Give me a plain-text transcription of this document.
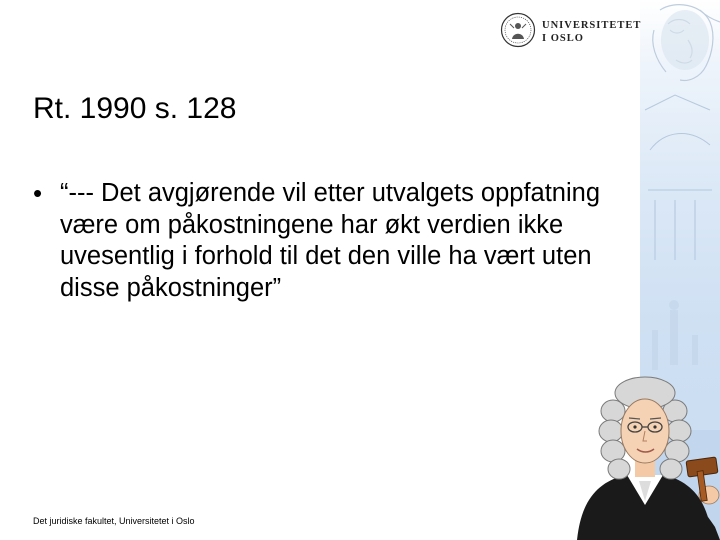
UNIVERSITETET
I OSLO
Rt. 1990 s. 128
• “--- Det avgjørende vil etter utvalgets oppfatning være om påkostningene har økt verdien ikke uvesentlig i forhold til det den ville ha vært uten disse påkostninger”
Det juridiske fakultet, Universitetet i Oslo
